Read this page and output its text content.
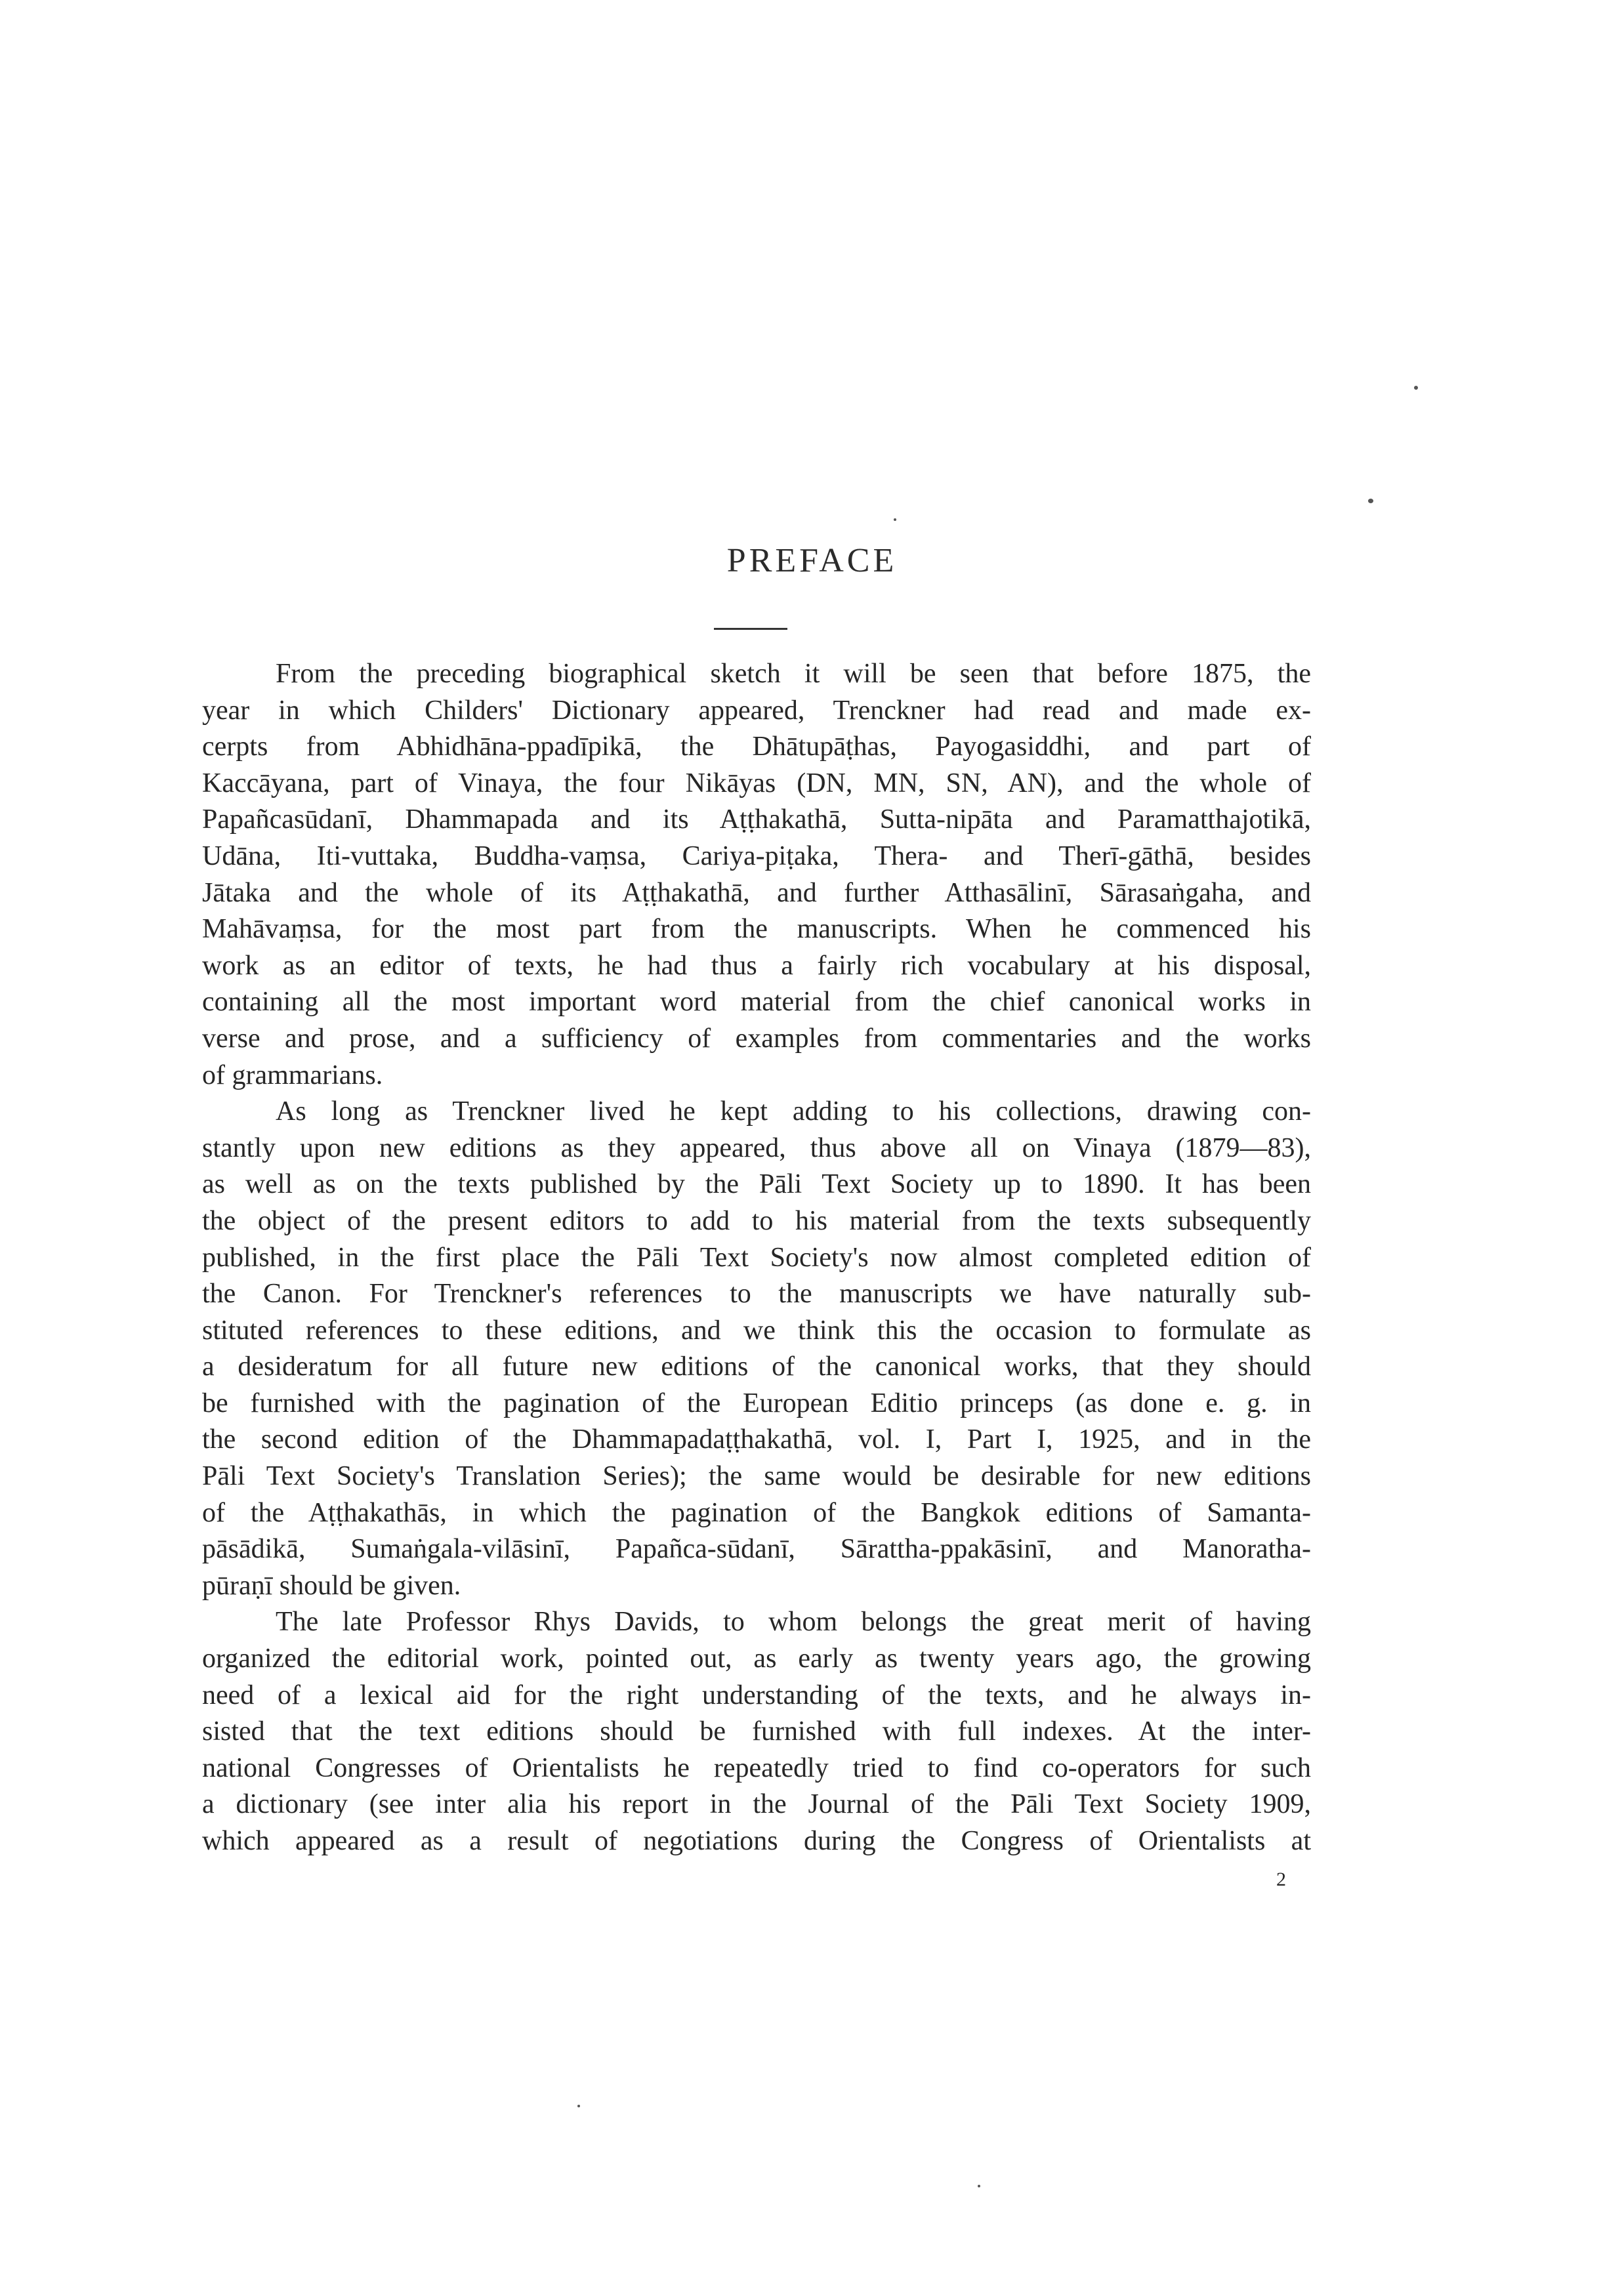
PREFACE
From the preceding biographical sketch it will be seen that before 1875, the
year in which Childers' Dictionary appeared, Trenckner had read and made ex-
cerpts from Abhidhāna-ppadīpikā, the Dhātupāṭhas, Payogasiddhi, and part of
Kaccāyana, part of Vinaya, the four Nikāyas (DN, MN, SN, AN), and the whole of
Papañcasūdanī, Dhammapada and its Aṭṭhakathā, Sutta-nipāta and Paramatthajotikā,
Udāna, Iti-vuttaka, Buddha-vaṃsa, Cariya-piṭaka, Thera- and Therī-gāthā, besides
Jātaka and the whole of its Aṭṭhakathā, and further Atthasālinī, Sārasaṅgaha, and
Mahāvaṃsa, for the most part from the manuscripts. When he commenced his
work as an editor of texts, he had thus a fairly rich vocabulary at his disposal,
containing all the most important word material from the chief canonical works in
verse and prose, and a sufficiency of examples from commentaries and the works
of grammarians.
As long as Trenckner lived he kept adding to his collections, drawing con-
stantly upon new editions as they appeared, thus above all on Vinaya (1879—83),
as well as on the texts published by the Pāli Text Society up to 1890. It has been
the object of the present editors to add to his material from the texts subsequently
published, in the first place the Pāli Text Society's now almost completed edition of
the Canon. For Trenckner's references to the manuscripts we have naturally sub-
stituted references to these editions, and we think this the occasion to formulate as
a desideratum for all future new editions of the canonical works, that they should
be furnished with the pagination of the European Editio princeps (as done e. g. in
the second edition of the Dhammapadaṭṭhakathā, vol. I, Part I, 1925, and in the
Pāli Text Society's Translation Series); the same would be desirable for new editions
of the Aṭṭhakathās, in which the pagination of the Bangkok editions of Samanta-
pāsādikā, Sumaṅgala-vilāsinī, Papañca-sūdanī, Sāratthа-ppakāsinī, and Manoratha-
pūraṇī should be given.
The late Professor Rhys Davids, to whom belongs the great merit of having
organized the editorial work, pointed out, as early as twenty years ago, the growing
need of a lexical aid for the right understanding of the texts, and he always in-
sisted that the text editions should be furnished with full indexes. At the inter-
national Congresses of Orientalists he repeatedly tried to find co-operators for such
a dictionary (see inter alia his report in the Journal of the Pāli Text Society 1909,
which appeared as a result of negotiations during the Congress of Orientalists at
2
